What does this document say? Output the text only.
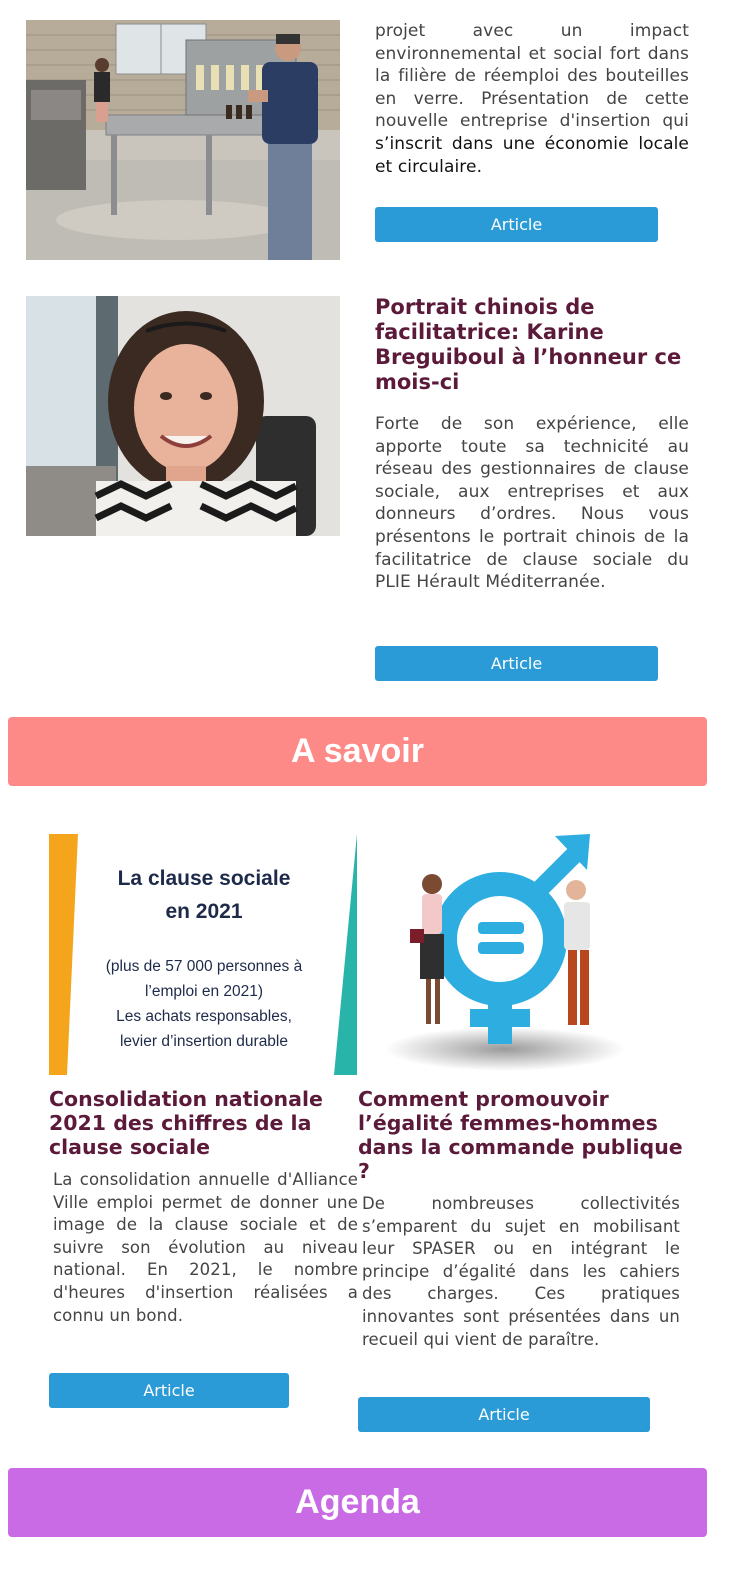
projet avec un impact environnemental et social fort dans la filière de réemploi des bouteilles en verre. Présentation de cette nouvelle entreprise d'insertion qui s’inscrit dans une économie locale et circulaire.

Article
Portrait chinois de facilitatrice: Karine Breguiboul à l’honneur ce mois-ci

Forte de son expérience, elle apporte toute sa technicité au réseau des gestionnaires de clause sociale, aux entreprises et aux donneurs d’ordres. Nous vous présentons le portrait chinois de la facilitatrice de clause sociale du PLIE Hérault Méditerranée.

Article
A savoir
La clause sociale en 2021
(plus de 57 000 personnes à l’emploi en 2021)
Les achats responsables, levier d’insertion durable
Consolidation nationale 2021 des chiffres de la clause sociale

La consolidation annuelle d'Alliance Ville emploi permet de donner une image de la clause sociale et de suivre son évolution au niveau national. En 2021, le nombre d'heures d'insertion réalisées a connu un bond.

Article
Comment promouvoir l’égalité femmes-hommes dans la commande publique ?

De nombreuses collectivités s’emparent du sujet en mobilisant leur SPASER ou en intégrant le principe d’égalité dans les cahiers des charges. Ces pratiques innovantes sont présentées dans un recueil qui vient de paraître.

Article
Agenda
